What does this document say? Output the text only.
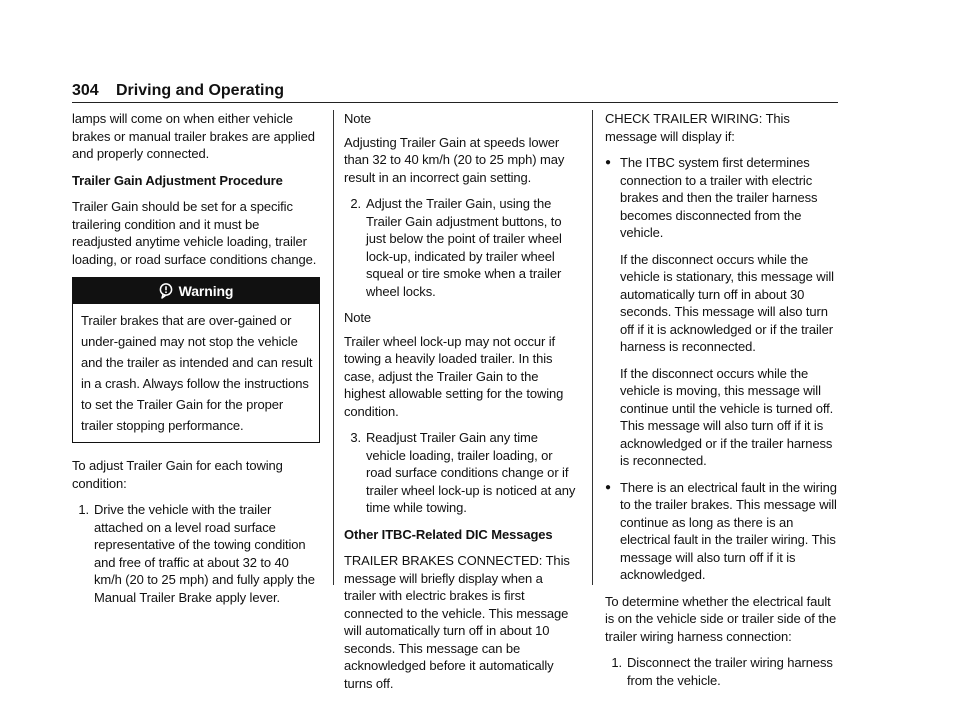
304 Driving and Operating

lamps will come on when either vehicle brakes or manual trailer brakes are applied and properly connected.

Trailer Gain Adjustment Procedure

Trailer Gain should be set for a specific trailering condition and it must be readjusted anytime vehicle loading, trailer loading, or road surface conditions change.

Warning
Trailer brakes that are over-gained or under-gained may not stop the vehicle and the trailer as intended and can result in a crash. Always follow the instructions to set the Trailer Gain for the proper trailer stopping performance.

To adjust Trailer Gain for each towing condition:

1. Drive the vehicle with the trailer attached on a level road surface representative of the towing condition and free of traffic at about 32 to 40 km/h (20 to 25 mph) and fully apply the Manual Trailer Brake apply lever.
Note

Adjusting Trailer Gain at speeds lower than 32 to 40 km/h (20 to 25 mph) may result in an incorrect gain setting.

2. Adjust the Trailer Gain, using the Trailer Gain adjustment buttons, to just below the point of trailer wheel lock-up, indicated by trailer wheel squeal or tire smoke when a trailer wheel locks.
Note

Trailer wheel lock-up may not occur if towing a heavily loaded trailer. In this case, adjust the Trailer Gain to the highest allowable setting for the towing condition.

3. Readjust Trailer Gain any time vehicle loading, trailer loading, or road surface conditions change or if trailer wheel lock-up is noticed at any time while towing.
Other ITBC-Related DIC Messages

TRAILER BRAKES CONNECTED: This message will briefly display when a trailer with electric brakes is first connected to the vehicle. This message will automatically turn off in about 10 seconds. This message can be acknowledged before it automatically turns off.

CHECK TRAILER WIRING: This message will display if:

● The ITBC system first determines connection to a trailer with electric brakes and then the trailer harness becomes disconnected from the vehicle.

If the disconnect occurs while the vehicle is stationary, this message will automatically turn off in about 30 seconds. This message will also turn off if it is acknowledged or if the trailer harness is reconnected.

If the disconnect occurs while the vehicle is moving, this message will continue until the vehicle is turned off. This message will also turn off if it is acknowledged or if the trailer harness is reconnected.

● There is an electrical fault in the wiring to the trailer brakes. This message will continue as long as there is an electrical fault in the trailer wiring. This message will also turn off if it is acknowledged.

To determine whether the electrical fault is on the vehicle side or trailer side of the trailer wiring harness connection:

1. Disconnect the trailer wiring harness from the vehicle.
